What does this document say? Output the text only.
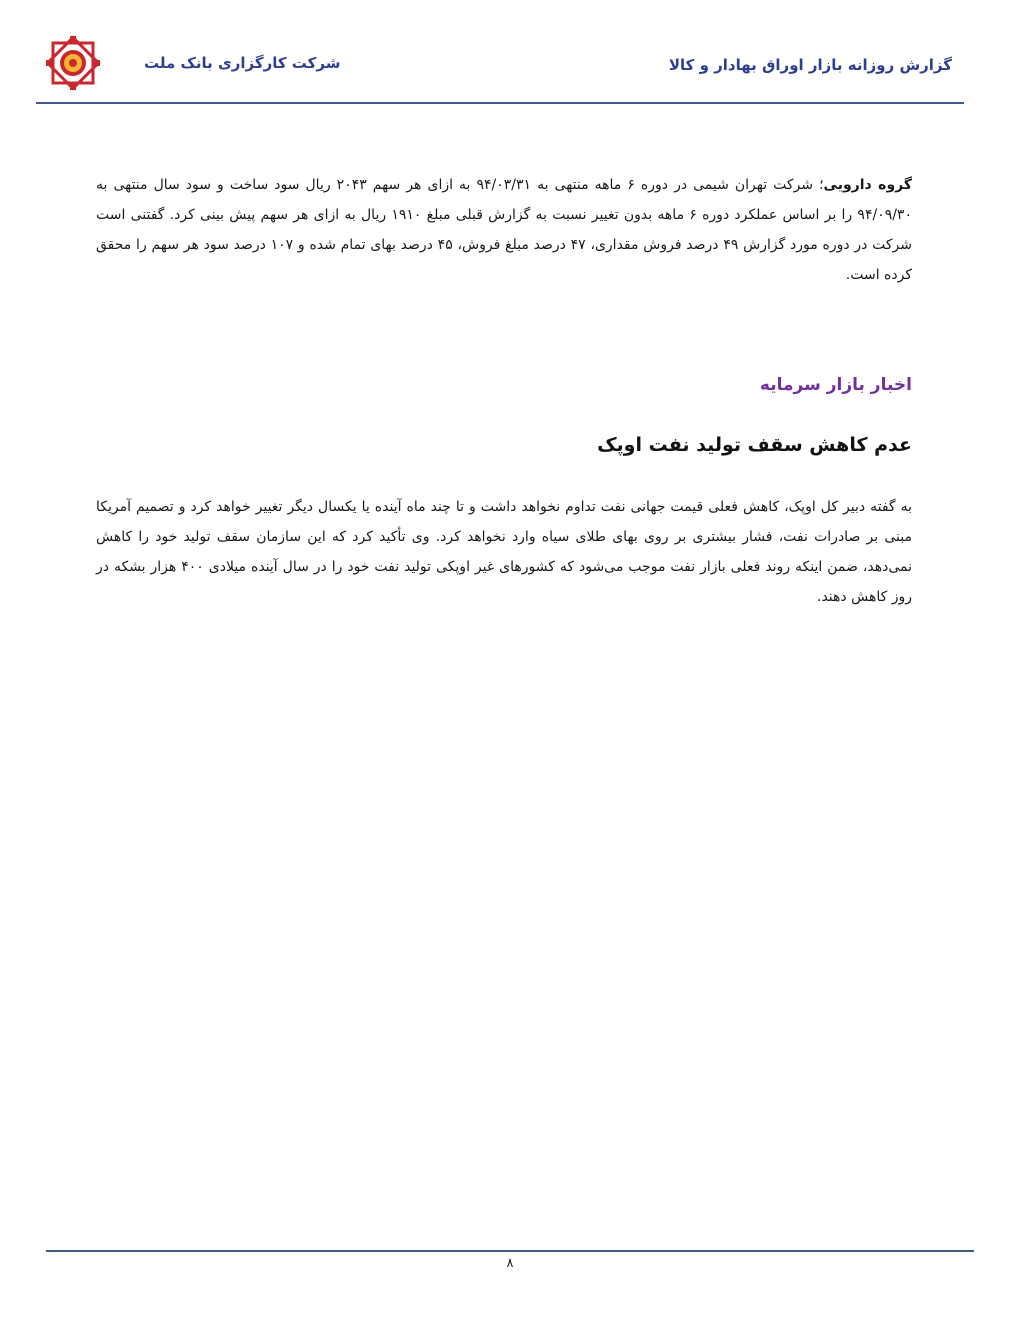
شرکت کارگزاری بانک ملت	گزارش روزانه بازار اوراق بهادار و کالا

گروه دارویی؛ شرکت تهران شیمی در دوره ۶ ماهه منتهی به ۹۴/۰۳/۳۱ به ازای هر سهم ۲۰۴۳ ریال سود ساخت و سود سال منتهی به ۹۴/۰۹/۳۰ را بر اساس عملکرد دوره ۶ ماهه بدون تغییر نسبت به گزارش قبلی مبلغ ۱۹۱۰ ریال به ازای هر سهم پیش بینی کرد. گفتنی است شرکت در دوره مورد گزارش ۴۹ درصد فروش مقداری، ۴۷ درصد مبلغ فروش، ۴۵ درصد بهای تمام شده و ۱۰۷ درصد سود هر سهم را محقق کرده است.

اخبار بازار سرمایه
عدم کاهش سقف تولید نفت اوپک

به گفته دبیر کل اوپک، کاهش فعلی قیمت جهانی نفت تداوم نخواهد داشت و تا چند ماه آینده یا یکسال دیگر تغییر خواهد کرد و تصمیم آمریکا مبنی بر صادرات نفت، فشار بیشتری بر روی بهای طلای سیاه وارد نخواهد کرد. وی تأکید کرد که این سازمان سقف تولید خود را کاهش نمی‌دهد، ضمن اینکه روند فعلی بازار نفت موجب می‌شود که کشورهای غیر اوپکی تولید نفت خود را در سال آینده میلادی ۴۰۰ هزار بشکه در روز کاهش دهند.

۸
